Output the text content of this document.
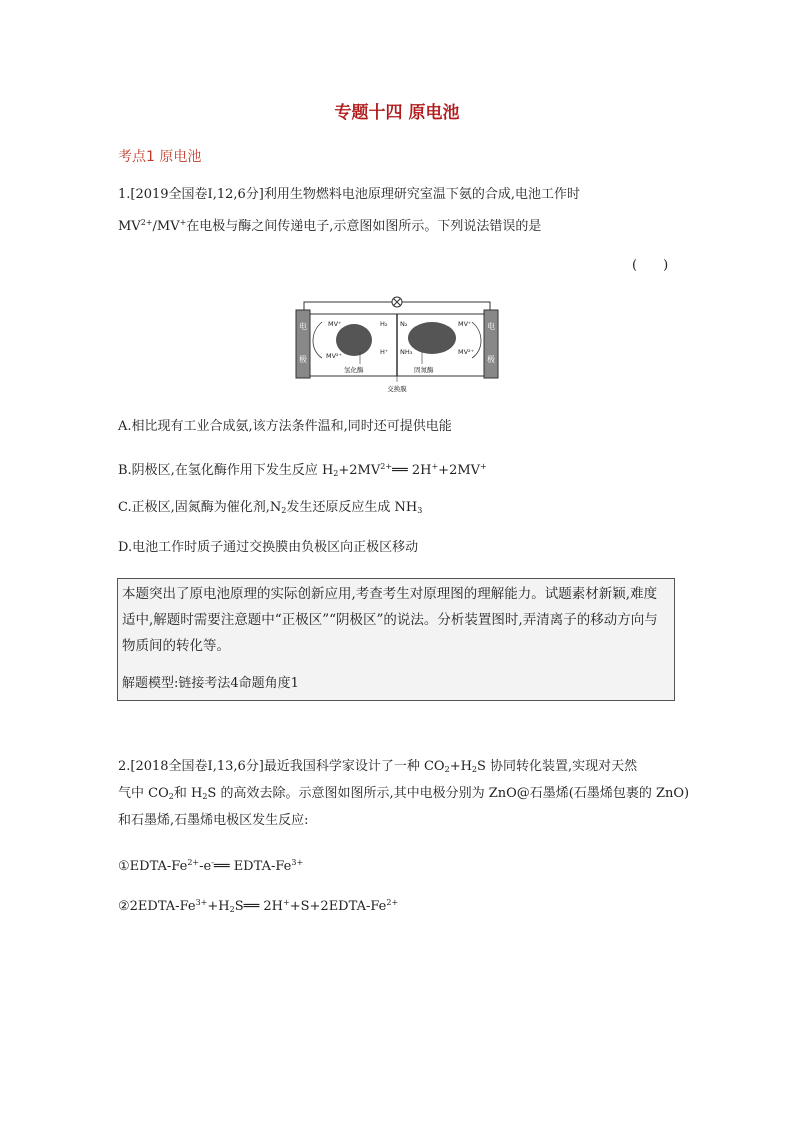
专题十四 原电池
考点1 原电池
1.[2019全国卷Ⅰ,12,6分]利用生物燃料电池原理研究室温下氨的合成,电池工作时
$MV^{2+}/MV^+$在电极与酶之间传递电子,示意图如图所示。下列说法错误的是
(　　)
电
极
电
极
MV⁺
MV²⁺
H₂
H⁺
N₂
NH₃
MV⁺
MV²⁺
氢化酶	固氮酶
交换膜
A.相比现有工业合成氨,该方法条件温和,同时还可提供电能
B.阴极区,在氢化酶作用下发生反应 $H_2+2MV^{2+}══$ 2H++2MV+
C.正极区,固氮酶为催化剂$,N_2$发生还原反应生成 $NH_3$
D.电池工作时质子通过交换膜由负极区向正极区移动
本题突出了原电池原理的实际创新应用,考查考生对原理图的理解能力。试题素材新颖,难度适中,解题时需要注意题中“正极区”“阴极区”的说法。分析装置图时,弄清离子的移动方向与物质间的转化等。
解题模型:链接考法4命题角度1
2.[2018全国卷Ⅰ,13,6分]最近我国科学家设计了一种 $CO_2+H_2S$ 协同转化装置,实现对天然
气中 $CO_2$和 $H_2S$ 的高效去除。示意图如图所示,其中电极分别为 ZnO@石墨烯(石墨烯包裹的 ZnO)
和石墨烯,石墨烯电极区发生反应:
①EDTA-$Fe^{2+}-e^-══$ EDTA-$Fe^{3+}$
$②2EDTA-Fe^{3+}+H_2S══$ $2H^++S+2EDTA-Fe^{2+}$
